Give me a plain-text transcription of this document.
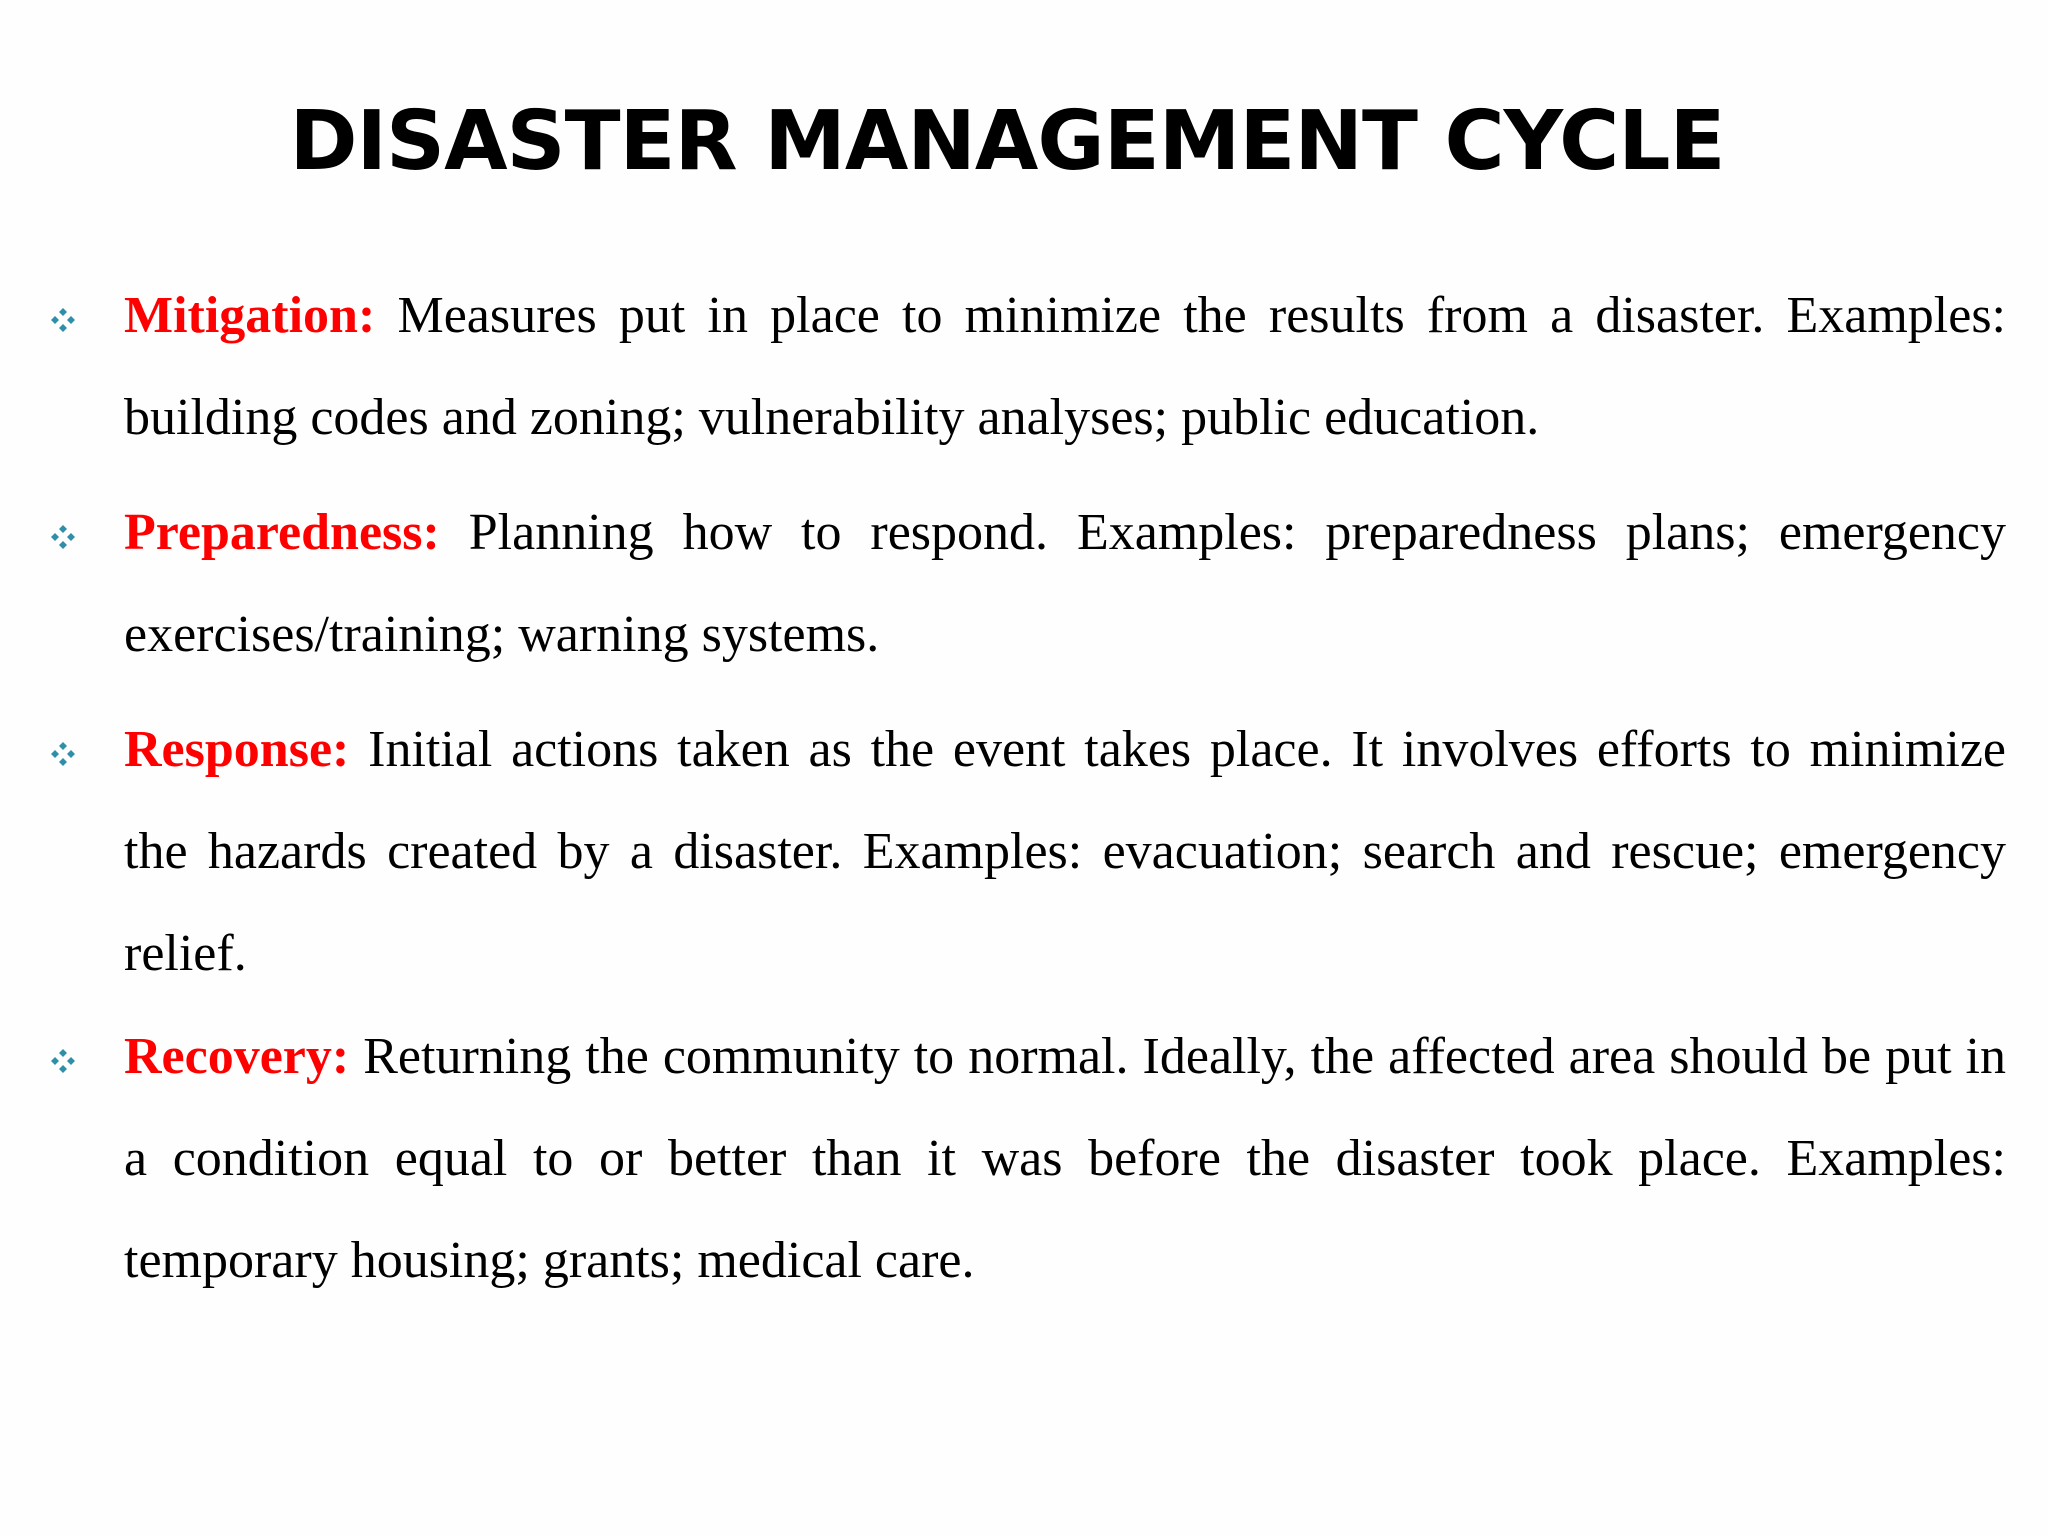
DISASTER MANAGEMENT CYCLE
Mitigation: Measures put in place to minimize the results from a disaster. Examples: building codes and zoning; vulnerability analyses; public education.
Preparedness: Planning how to respond. Examples: preparedness plans; emergency exercises/training; warning systems.
Response: Initial actions taken as the event takes place. It involves efforts to minimize the hazards created by a disaster. Examples: evacuation; search and rescue; emergency relief.
Recovery: Returning the community to normal. Ideally, the affected area should be put in a condition equal to or better than it was before the disaster took place. Examples: temporary housing; grants; medical care.
